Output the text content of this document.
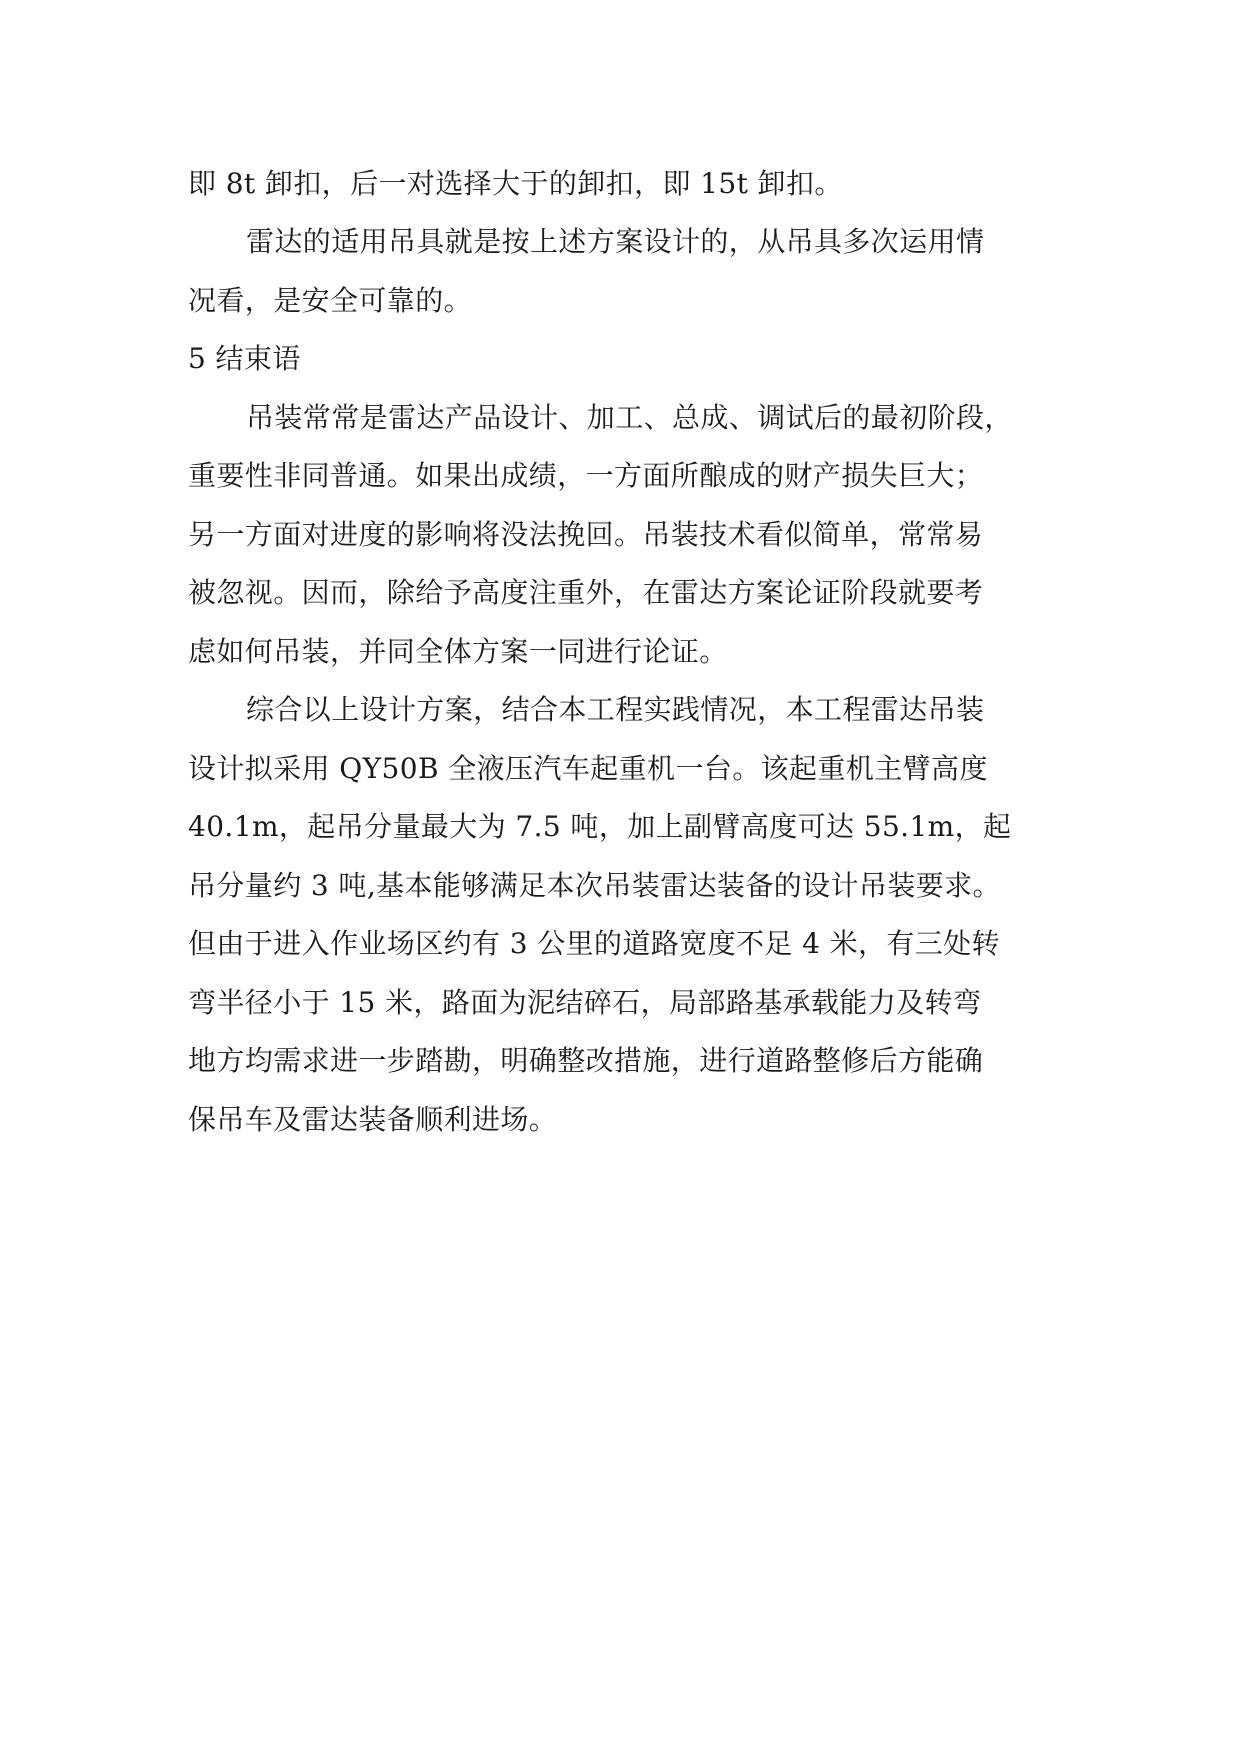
即 8t 卸扣，后一对选择大于的卸扣，即 15t 卸扣。
雷达的适用吊具就是按上述方案设计的，从吊具多次运用情
况看，是安全可靠的。
5 结束语
吊装常常是雷达产品设计、加工、总成、调试后的最初阶段，
重要性非同普通。如果出成绩，一方面所酿成的财产损失巨大；
另一方面对进度的影响将没法挽回。吊装技术看似简单，常常易
被忽视。因而，除给予高度注重外，在雷达方案论证阶段就要考
虑如何吊装，并同全体方案一同进行论证。
综合以上设计方案，结合本工程实践情况，本工程雷达吊装
设计拟采用 QY50B 全液压汽车起重机一台。该起重机主臂高度
40.1m，起吊分量最大为 7.5 吨，加上副臂高度可达 55.1m，起
吊分量约 3 吨,基本能够满足本次吊装雷达装备的设计吊装要求。
但由于进入作业场区约有 3 公里的道路宽度不足 4 米，有三处转
弯半径小于 15 米，路面为泥结碎石，局部路基承载能力及转弯
地方均需求进一步踏勘，明确整改措施，进行道路整修后方能确
保吊车及雷达装备顺利进场。
